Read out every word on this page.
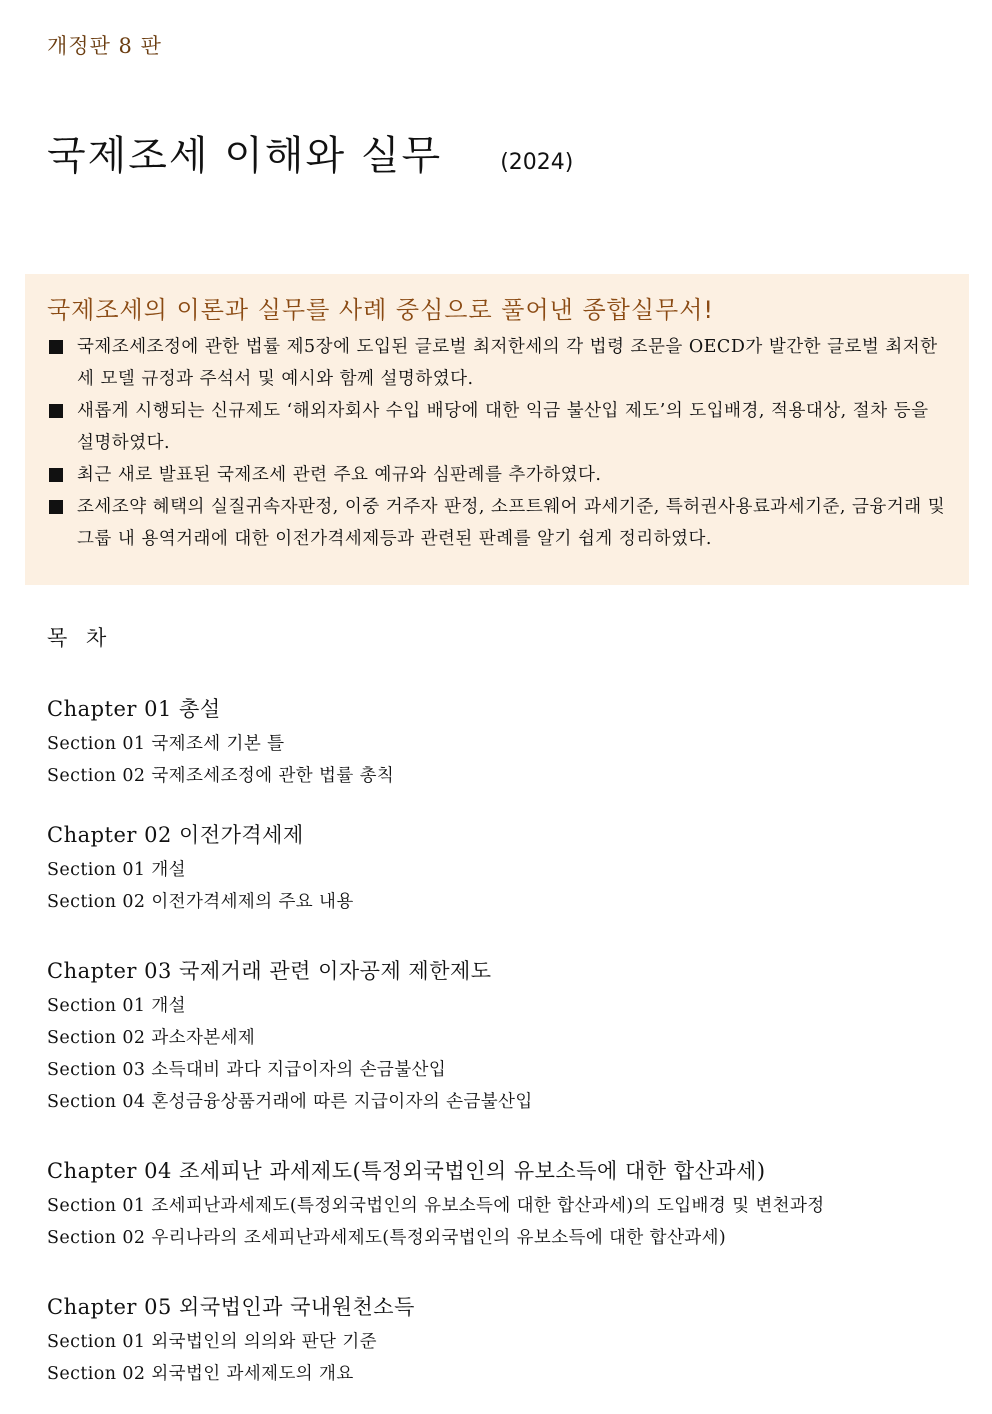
개정판 8 판
국제조세 이해와 실무	(2024)
국제조세의 이론과 실무를 사례 중심으로 풀어낸 종합실무서!
국제조세조정에 관한 법률 제5장에 도입된 글로벌 최저한세의 각 법령 조문을 OECD가 발간한 글로벌 최저한세 모델 규정과 주석서 및 예시와 함께 설명하였다.
새롭게 시행되는 신규제도 ‘해외자회사 수입 배당에 대한 익금 불산입 제도’의 도입배경, 적용대상, 절차 등을 설명하였다.
최근 새로 발표된 국제조세 관련 주요 예규와 심판례를 추가하였다.
조세조약 혜택의 실질귀속자판정, 이중 거주자 판정, 소프트웨어 과세기준, 특허권사용료과세기준, 금융거래 및 그룹 내 용역거래에 대한 이전가격세제등과 관련된 판례를 알기 쉽게 정리하였다.
목 차
Chapter 01 총설
Section 01 국제조세 기본 틀
Section 02 국제조세조정에 관한 법률 총칙
Chapter 02 이전가격세제
Section 01 개설
Section 02 이전가격세제의 주요 내용
Chapter 03 국제거래 관련 이자공제 제한제도
Section 01 개설
Section 02 과소자본세제
Section 03 소득대비 과다 지급이자의 손금불산입
Section 04 혼성금융상품거래에 따른 지급이자의 손금불산입
Chapter 04 조세피난 과세제도(특정외국법인의 유보소득에 대한 합산과세)
Section 01 조세피난과세제도(특정외국법인의 유보소득에 대한 합산과세)의 도입배경 및 변천과정
Section 02 우리나라의 조세피난과세제도(특정외국법인의 유보소득에 대한 합산과세)
Chapter 05 외국법인과 국내원천소득
Section 01 외국법인의 의의와 판단 기준
Section 02 외국법인 과세제도의 개요
